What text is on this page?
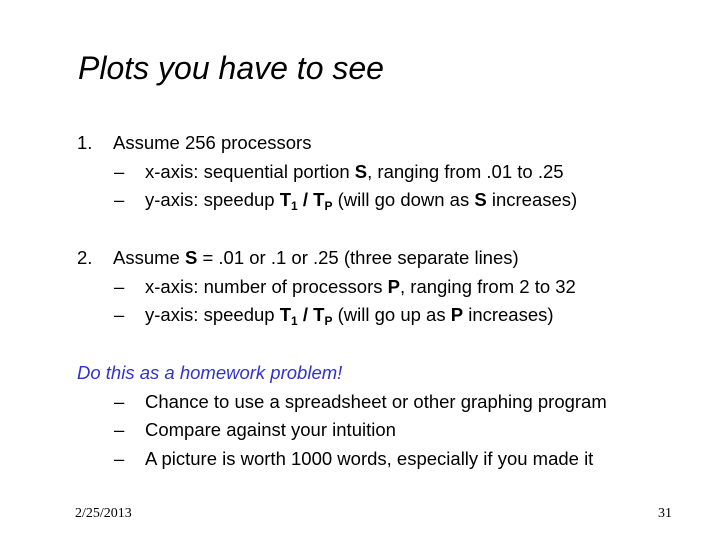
Plots you have to see
1. Assume 256 processors
– x-axis: sequential portion S, ranging from .01 to .25
– y-axis: speedup $T_1 / T_P$ (will go down as S increases)
2. Assume S = .01 or .1 or .25 (three separate lines)
– x-axis: number of processors P, ranging from 2 to 32
– y-axis: speedup $T_1 / T_P$ (will go up as P increases)
Do this as a homework problem!
– Chance to use a spreadsheet or other graphing program
– Compare against your intuition
– A picture is worth 1000 words, especially if you made it
2/25/2013	31
